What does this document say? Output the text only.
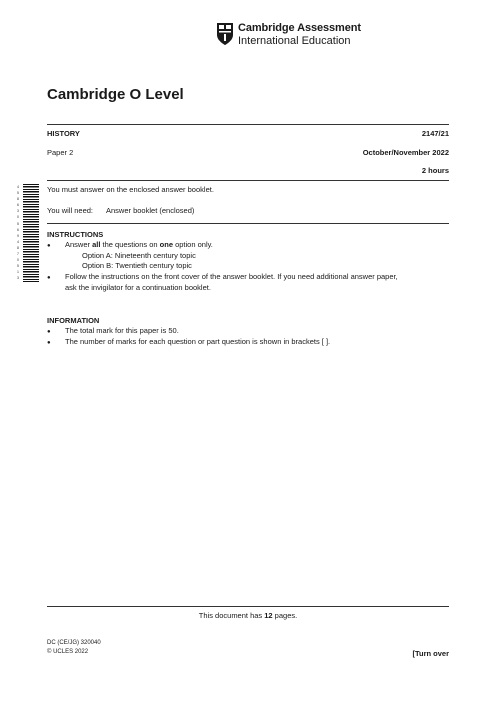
Cambridge Assessment
International Education
Cambridge O Level
HISTORY	2147/21
Paper 2	October/November 2022
2 hours
4
5
8
6
3
0
5
6
9
4
8
7
0
5
1
3
You must answer on the enclosed answer booklet.
You will need: Answer booklet (enclosed)
INSTRUCTIONS
● Answer all the questions on one option only.
Option A: Nineteenth century topic
Option B: Twentieth century topic
● Follow the instructions on the front cover of the answer booklet. If you need additional answer paper,
ask the invigilator for a continuation booklet.
INFORMATION
● The total mark for this paper is 50.
● The number of marks for each question or part question is shown in brackets [ ].
This document has 12 pages.
DC (CE/JG) 320040
© UCLES 2022	[Turn over
